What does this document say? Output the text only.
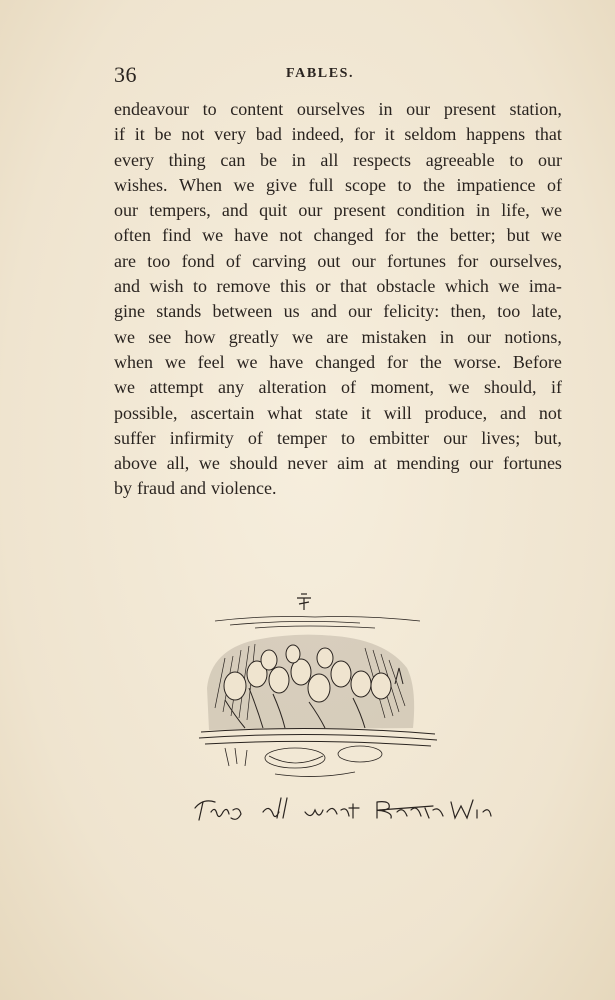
36	FABLES.
endeavour to content ourselves in our present station,
if it be not very bad indeed, for it seldom happens that
every thing can be in all respects agreeable to our
wishes. When we give full scope to the impatience of
our tempers, and quit our present condition in life, we
often find we have not changed for the better; but we
are too fond of carving out our fortunes for ourselves,
and wish to remove this or that obstacle which we ima-
gine stands between us and our felicity: then, too late,
we see how greatly we are mistaken in our notions,
when we feel we have changed for the worse. Before
we attempt any alteration of moment, we should, if
possible, ascertain what state it will produce, and not
suffer infirmity of temper to embitter our lives; but,
above all, we should never aim at mending our fortunes
by fraud and violence.
